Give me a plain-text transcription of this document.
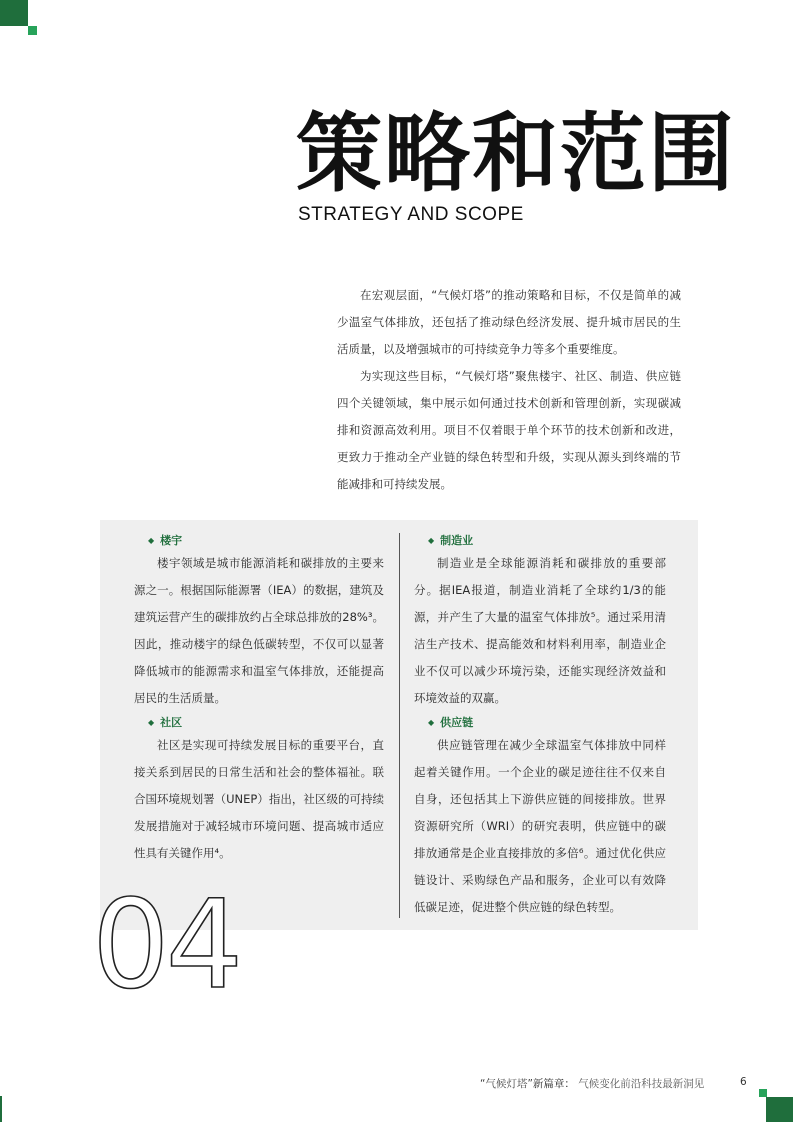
策略和范围
STRATEGY AND SCOPE

在宏观层面，“气候灯塔”的推动策略和目标，不仅是简单的减少温室气体排放，还包括了推动绿色经济发展、提升城市居民的生活质量，以及增强城市的可持续竞争力等多个重要维度。

为实现这些目标，“气候灯塔”聚焦楼宇、社区、制造、供应链四个关键领域，集中展示如何通过技术创新和管理创新，实现碳减排和资源高效利用。项目不仅着眼于单个环节的技术创新和改进，更致力于推动全产业链的绿色转型和升级，实现从源头到终端的节能减排和可持续发展。

◆ 楼宇

楼宇领域是城市能源消耗和碳排放的主要来源之一。根据国际能源署（IEA）的数据，建筑及建筑运营产生的碳排放约占全球总排放的28%³。因此，推动楼宇的绿色低碳转型，不仅可以显著降低城市的能源需求和温室气体排放，还能提高居民的生活质量。

◆ 社区

社区是实现可持续发展目标的重要平台，直接关系到居民的日常生活和社会的整体福祉。联合国环境规划署（UNEP）指出，社区级的可持续发展措施对于减轻城市环境问题、提高城市适应性具有关键作用⁴。

◆ 制造业

制造业是全球能源消耗和碳排放的重要部分。据IEA报道，制造业消耗了全球约1/3的能源，并产生了大量的温室气体排放⁵。通过采用清洁生产技术、提高能效和材料利用率，制造业企业不仅可以减少环境污染，还能实现经济效益和环境效益的双赢。

◆ 供应链

供应链管理在减少全球温室气体排放中同样起着关键作用。一个企业的碳足迹往往不仅来自自身，还包括其上下游供应链的间接排放。世界资源研究所（WRI）的研究表明，供应链中的碳排放通常是企业直接排放的多倍⁶。通过优化供应链设计、采购绿色产品和服务，企业可以有效降低碳足迹，促进整个供应链的绿色转型。

04
“气候灯塔”新篇章： 气候变化前沿科技最新洞见	6
